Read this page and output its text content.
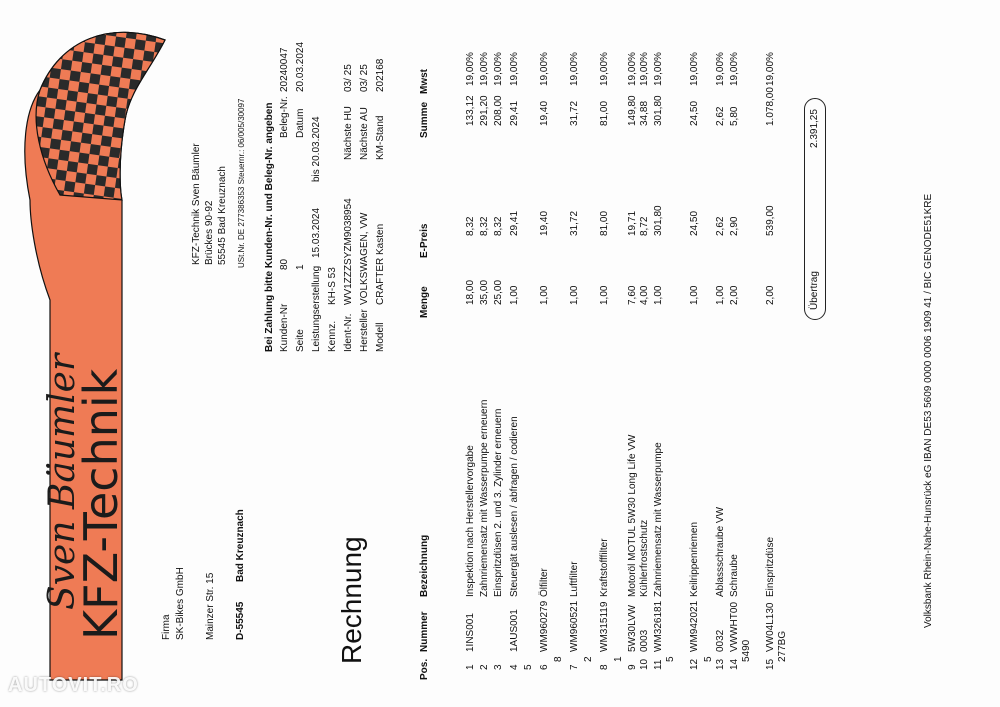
Sven Bäumler
KFZ-Technik	Firma SK-Bikes GmbH Mainzer Str. 15 D-55545
Bad Kreuznach
KFZ-Technik Sven Bäumler Brückes 90-92 55545 Bad Kreuznach USt.Nr. DE 277386353 Steuernr.: 06/005/30097
Rechnung
Bei Zahlung bitte Kunden-Nr. und Beleg-Nr. angeben Kunden-Nr
80
Seite
1 Leistungserstellung
15.03.2024
bis 20.03.2024
Kennz.
KH-S 53
Ident-Nr.
WV1ZZZSYZM9038954
Hersteller
VOLKSWAGEN, VW
Modell
CRAFTER Kasten
Beleg-Nr.
20240047
Datum
20.03.2024
Nächste HU
03/ 25
Nächste AU
03/ 25
KM-Stand
202168
Pos.
Nummer
Bezeichnung
Menge
E-Preis
Summe
Mwst
1
1INS001
Inspektion nach Herstellervorgabe
18,00
8,32
133,12
19,00%
2
Zahnriemensatz mit Wasserpumpe erneuern
35,00
8,32
291,20
19,00%
3
Einspritzdüsen 2. und 3. Zylinder erneuern
25,00
8,32
208,00
19,00%
4
1AUS001
Steuergät auslesen / abfragen / codieren
1,00
29,41
29,41
19,00%
5 6
WM960279
Ölfilter
1,00
19,40
19,40
19,00%
8
7
WM960521
Luftfilter
1,00
31,72
31,72
19,00%
2
8
WM315119
Kraftstofffilter
1,00
81,00
81,00
19,00%
1
9
5W30LVW
Motoröl MOTUL 5W30 Long Life VW
7,60
19,71
149,80
19,00%
10
0003
Kühlerfrostschutz
4,00
8,72
34,88
19,00%
11
WM326181
Zahnriemensatz mit Wasserpumpe
1,00
301,80
301,80
19,00%
5 12
WM942021
Keilrippenriemen
1,00
24,50
24,50
19,00%
5 13
0032
Ablassschraube VW
1,00
2,62
2,62
19,00%
14
VWWHT00
Schraube
2,00
2,90
5,80
19,00%
5490
15
VW04L130
Einspritzdüse
2,00
539,00
1.078,00
19,00%
277BG
Übertrag
2.391,25
Volksbank Rhein-Nahe-Hunsrück eG IBAN DE53 5609 0000 0006 1909 41 / BIC GENODE51KRE
AUTOVIT.RO
